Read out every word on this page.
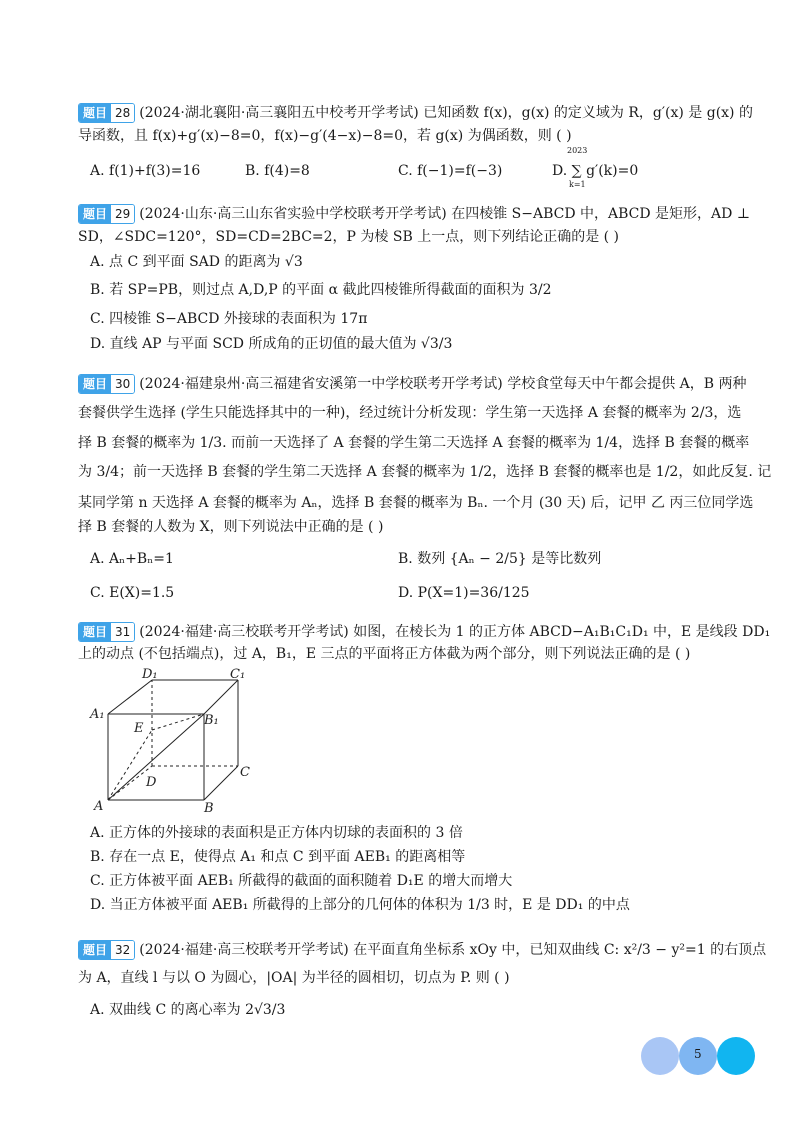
题目 28 (2024·湖北襄阳·高三襄阳五中校考开学考试) 已知函数 f(x)，g(x) 的定义域为 R，g′(x) 是 g(x) 的
导函数，且 f(x)+g′(x)−8=0，f(x)−g′(4−x)−8=0，若 g(x) 为偶函数，则 ( )
A. f(1)+f(3)=16	B. f(4)=8	C. f(−1)=f(−3)	D. ∑ g′(k)=0
2023
k=1
题目 29 (2024·山东·高三山东省实验中学校联考开学考试) 在四棱锥 S−ABCD 中，ABCD 是矩形，AD ⊥
SD，∠SDC=120°，SD=CD=2BC=2，P 为棱 SB 上一点，则下列结论正确的是 ( )
A. 点 C 到平面 SAD 的距离为 √3
B. 若 SP=PB，则过点 A,D,P 的平面 α 截此四棱锥所得截面的面积为 3/2
C. 四棱锥 S−ABCD 外接球的表面积为 17π
D. 直线 AP 与平面 SCD 所成角的正切值的最大值为 √3/3
题目 30 (2024·福建泉州·高三福建省安溪第一中学校联考开学考试) 学校食堂每天中午都会提供 A，B 两种
套餐供学生选择 (学生只能选择其中的一种)，经过统计分析发现：学生第一天选择 A 套餐的概率为 2/3，选
择 B 套餐的概率为 1/3. 而前一天选择了 A 套餐的学生第二天选择 A 套餐的概率为 1/4，选择 B 套餐的概率
为 3/4；前一天选择 B 套餐的学生第二天选择 A 套餐的概率为 1/2，选择 B 套餐的概率也是 1/2，如此反复. 记
某同学第 n 天选择 A 套餐的概率为 Aₙ，选择 B 套餐的概率为 Bₙ. 一个月 (30 天) 后，记甲 乙 丙三位同学选
择 B 套餐的人数为 X，则下列说法中正确的是 ( )
A. Aₙ+Bₙ=1	B. 数列 {Aₙ − 2/5} 是等比数列
C. E(X)=1.5	D. P(X=1)=36/125
题目 31 (2024·福建·高三校联考开学考试) 如图，在棱长为 1 的正方体 ABCD−A₁B₁C₁D₁ 中，E 是线段 DD₁
上的动点 (不包括端点)，过 A，B₁，E 三点的平面将正方体截为两个部分，则下列说法正确的是 ( )
D₁	C₁
A₁	B₁
E
D
C
A	B
A. 正方体的外接球的表面积是正方体内切球的表面积的 3 倍
B. 存在一点 E，使得点 A₁ 和点 C 到平面 AEB₁ 的距离相等
C. 正方体被平面 AEB₁ 所截得的截面的面积随着 D₁E 的增大而增大
D. 当正方体被平面 AEB₁ 所截得的上部分的几何体的体积为 1/3 时，E 是 DD₁ 的中点
题目 32 (2024·福建·高三校联考开学考试) 在平面直角坐标系 xOy 中，已知双曲线 C: x²/3 − y²=1 的右顶点
为 A，直线 l 与以 O 为圆心，|OA| 为半径的圆相切，切点为 P. 则 ( )
A. 双曲线 C 的离心率为 2√3/3
5
